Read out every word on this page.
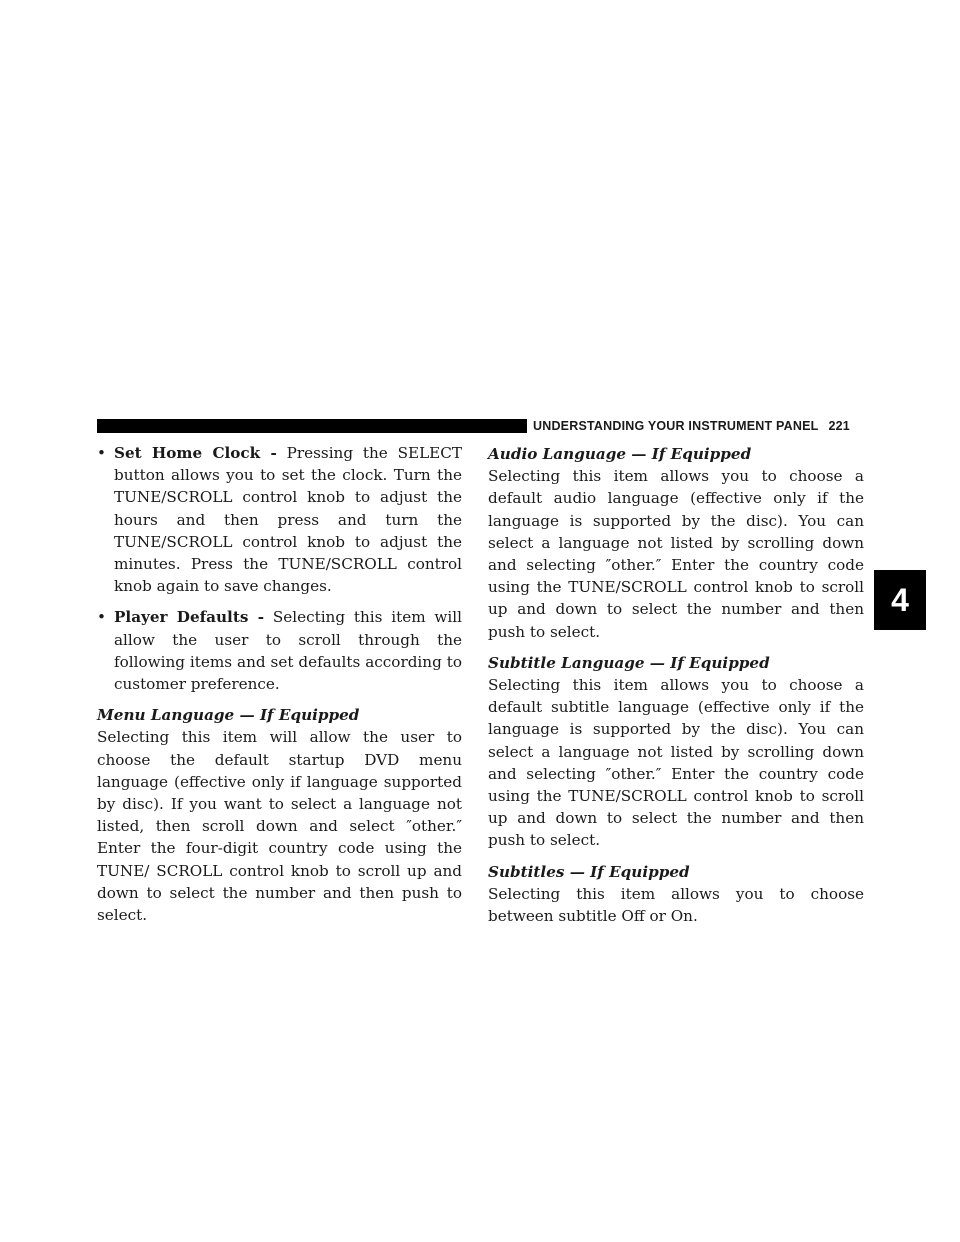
UNDERSTANDING YOUR INSTRUMENT PANEL 221
4
• Set Home Clock - Pressing the SELECT button allows you to set the clock. Turn the TUNE/SCROLL control knob to adjust the hours and then press and turn the TUNE/SCROLL control knob to adjust the minutes. Press the TUNE/SCROLL control knob again to save changes.
• Player Defaults - Selecting this item will allow the user to scroll through the following items and set defaults according to customer preference.

Menu Language — If Equipped

Selecting this item will allow the user to choose the default startup DVD menu language (effective only if language supported by disc). If you want to select a language not listed, then scroll down and select ″other.″ Enter the four-digit country code using the TUNE/ SCROLL control knob to scroll up and down to select the number and then push to select.

Audio Language — If Equipped

Selecting this item allows you to choose a default audio language (effective only if the language is supported by the disc). You can select a language not listed by scrolling down and selecting ″other.″ Enter the country code using the TUNE/SCROLL control knob to scroll up and down to select the number and then push to select.

Subtitle Language — If Equipped

Selecting this item allows you to choose a default subtitle language (effective only if the language is supported by the disc). You can select a language not listed by scrolling down and selecting ″other.″ Enter the country code using the TUNE/SCROLL control knob to scroll up and down to select the number and then push to select.

Subtitles — If Equipped

Selecting this item allows you to choose between subtitle Off or On.
